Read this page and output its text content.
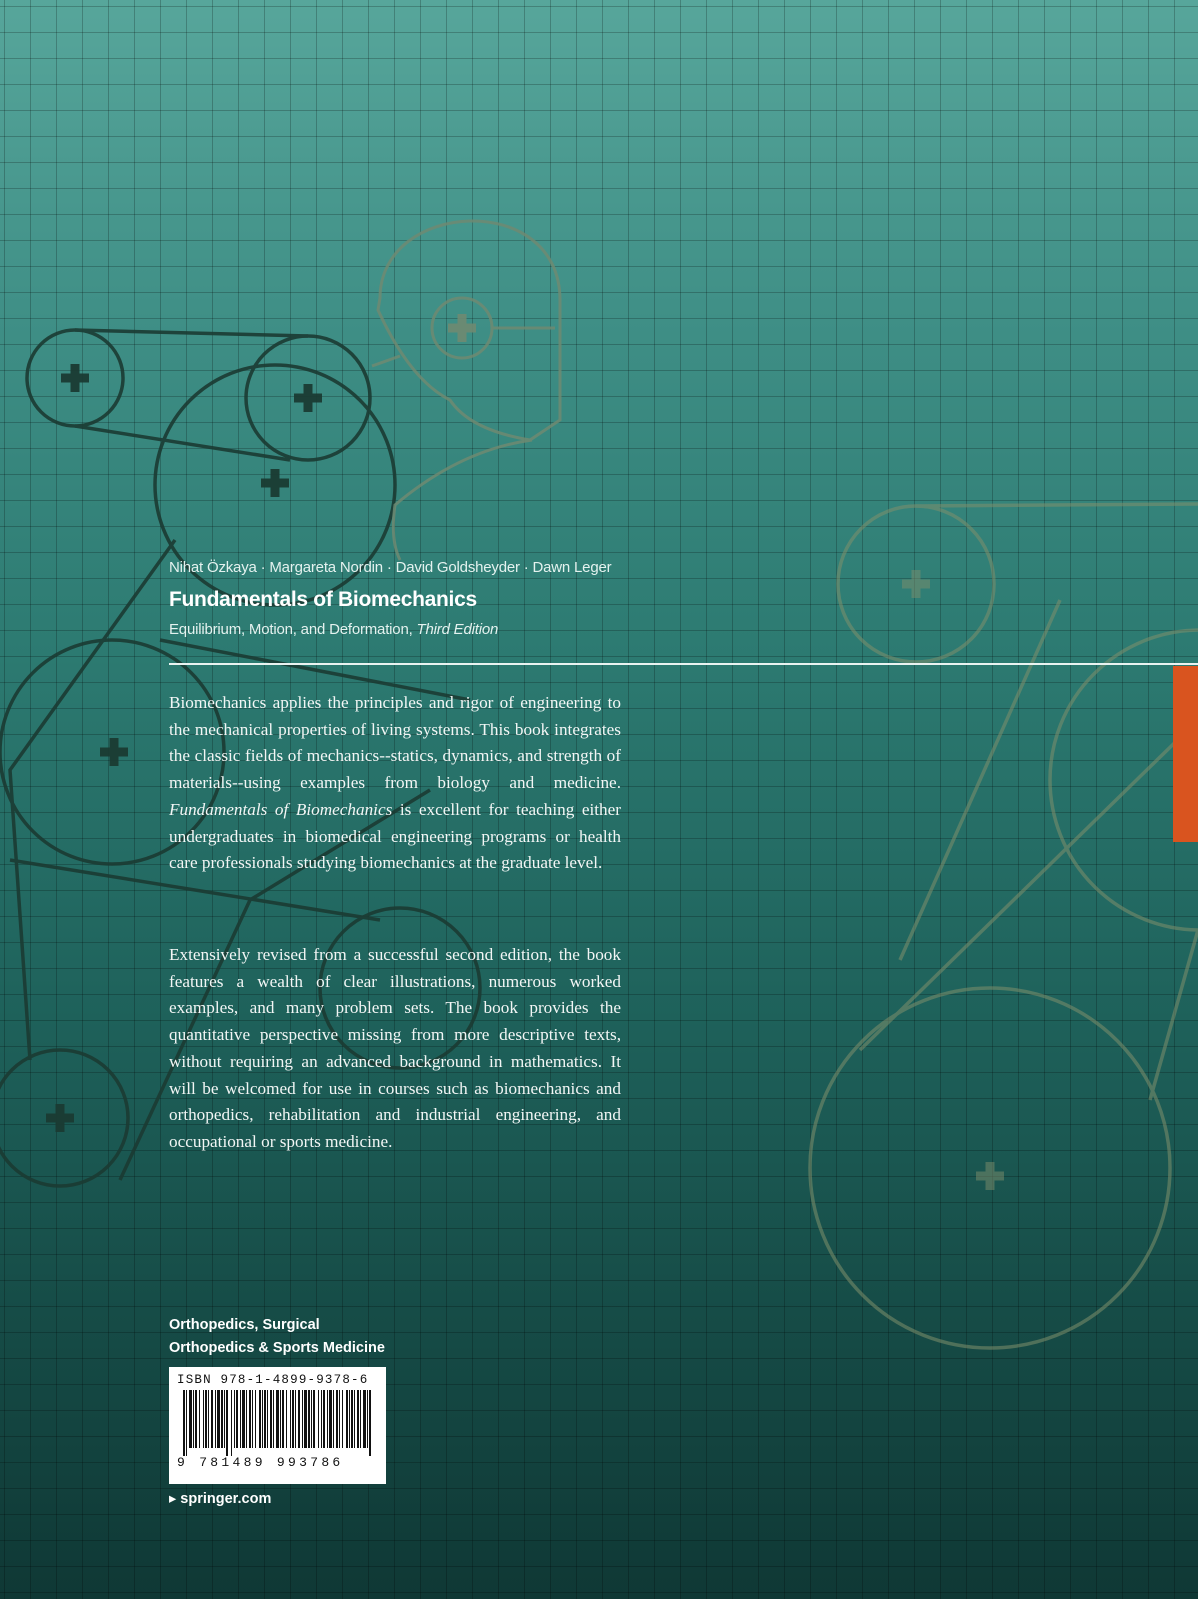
Nihat Özkaya · Margareta Nordin · David Goldsheyder · Dawn Leger
Fundamentals of Biomechanics
Equilibrium, Motion, and Deformation, Third Edition

Biomechanics applies the principles and rigor of engineering to the mechanical properties of living systems. This book integrates the classic fields of mechanics--statics, dynamics, and strength of materials--using examples from biology and medicine. Fundamentals of Biomechanics is excellent for teaching either undergraduates in biomedical engineering programs or health care professionals studying biomechanics at the graduate level.

Extensively revised from a successful second edition, the book features a wealth of clear illustrations, numerous worked examples, and many problem sets. The book provides the quantitative perspective missing from more descriptive texts, without requiring an advanced background in mathematics. It will be welcomed for use in courses such as biomechanics and orthopedics, rehabilitation and industrial engineering, and occupational or sports medicine.

Orthopedics, Surgical
Orthopedics & Sports Medicine
ISBN 978-1-4899-9378-6
9 781489 993786
▸ springer.com
